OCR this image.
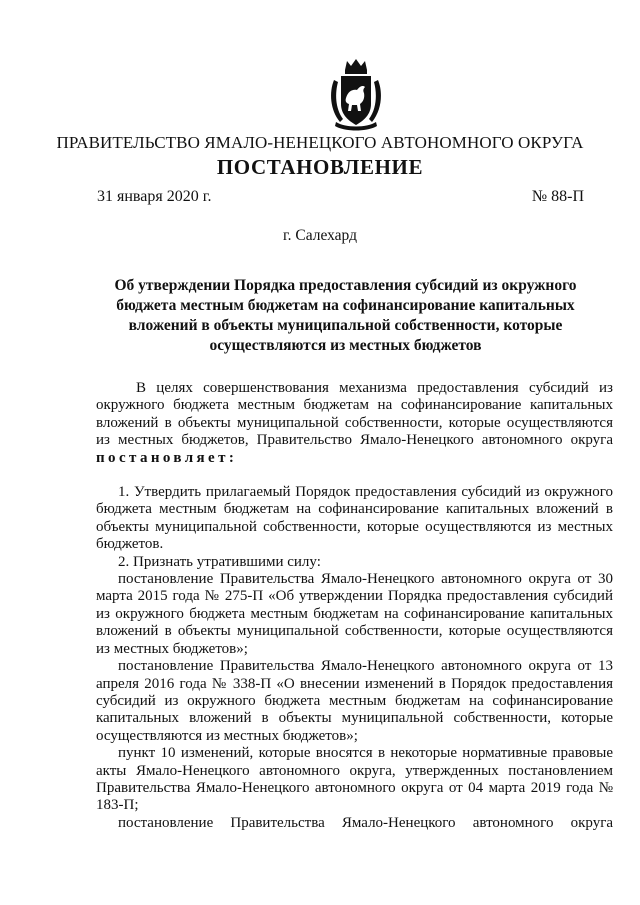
ПРАВИТЕЛЬСТВО ЯМАЛО-НЕНЕЦКОГО АВТОНОМНОГО ОКРУГА
ПОСТАНОВЛЕНИЕ
31 января 2020 г.	№ 88-П
г. Салехард
Об утверждении Порядка предоставления субсидий из окружного бюджета местным бюджетам на софинансирование капитальных вложений в объекты муниципальной собственности, которые осуществляются из местных бюджетов

В целях совершенствования механизма предоставления субсидий из окружного бюджета местным бюджетам на софинансирование капитальных вложений в объекты муниципальной собственности, которые осуществляются из местных бюджетов, Правительство Ямало-Ненецкого автономного округа постановляет:

1. Утвердить прилагаемый Порядок предоставления субсидий из окружного бюджета местным бюджетам на софинансирование капитальных вложений в объекты муниципальной собственности, которые осуществляются из местных бюджетов.

2. Признать утратившими силу:

постановление Правительства Ямало-Ненецкого автономного округа от 30 марта 2015 года № 275-П «Об утверждении Порядка предоставления субсидий из окружного бюджета местным бюджетам на софинансирование капитальных вложений в объекты муниципальной собственности, которые осуществляются из местных бюджетов»;

постановление Правительства Ямало-Ненецкого автономного округа от 13 апреля 2016 года № 338-П «О внесении изменений в Порядок предоставления субсидий из окружного бюджета местным бюджетам на софинансирование капитальных вложений в объекты муниципальной собственности, которые осуществляются из местных бюджетов»;

пункт 10 изменений, которые вносятся в некоторые нормативные правовые акты Ямало-Ненецкого автономного округа, утвержденных постановлением Правительства Ямало-Ненецкого автономного округа от 04 марта 2019 года № 183-П;

постановление Правительства Ямало-Ненецкого автономного округа
